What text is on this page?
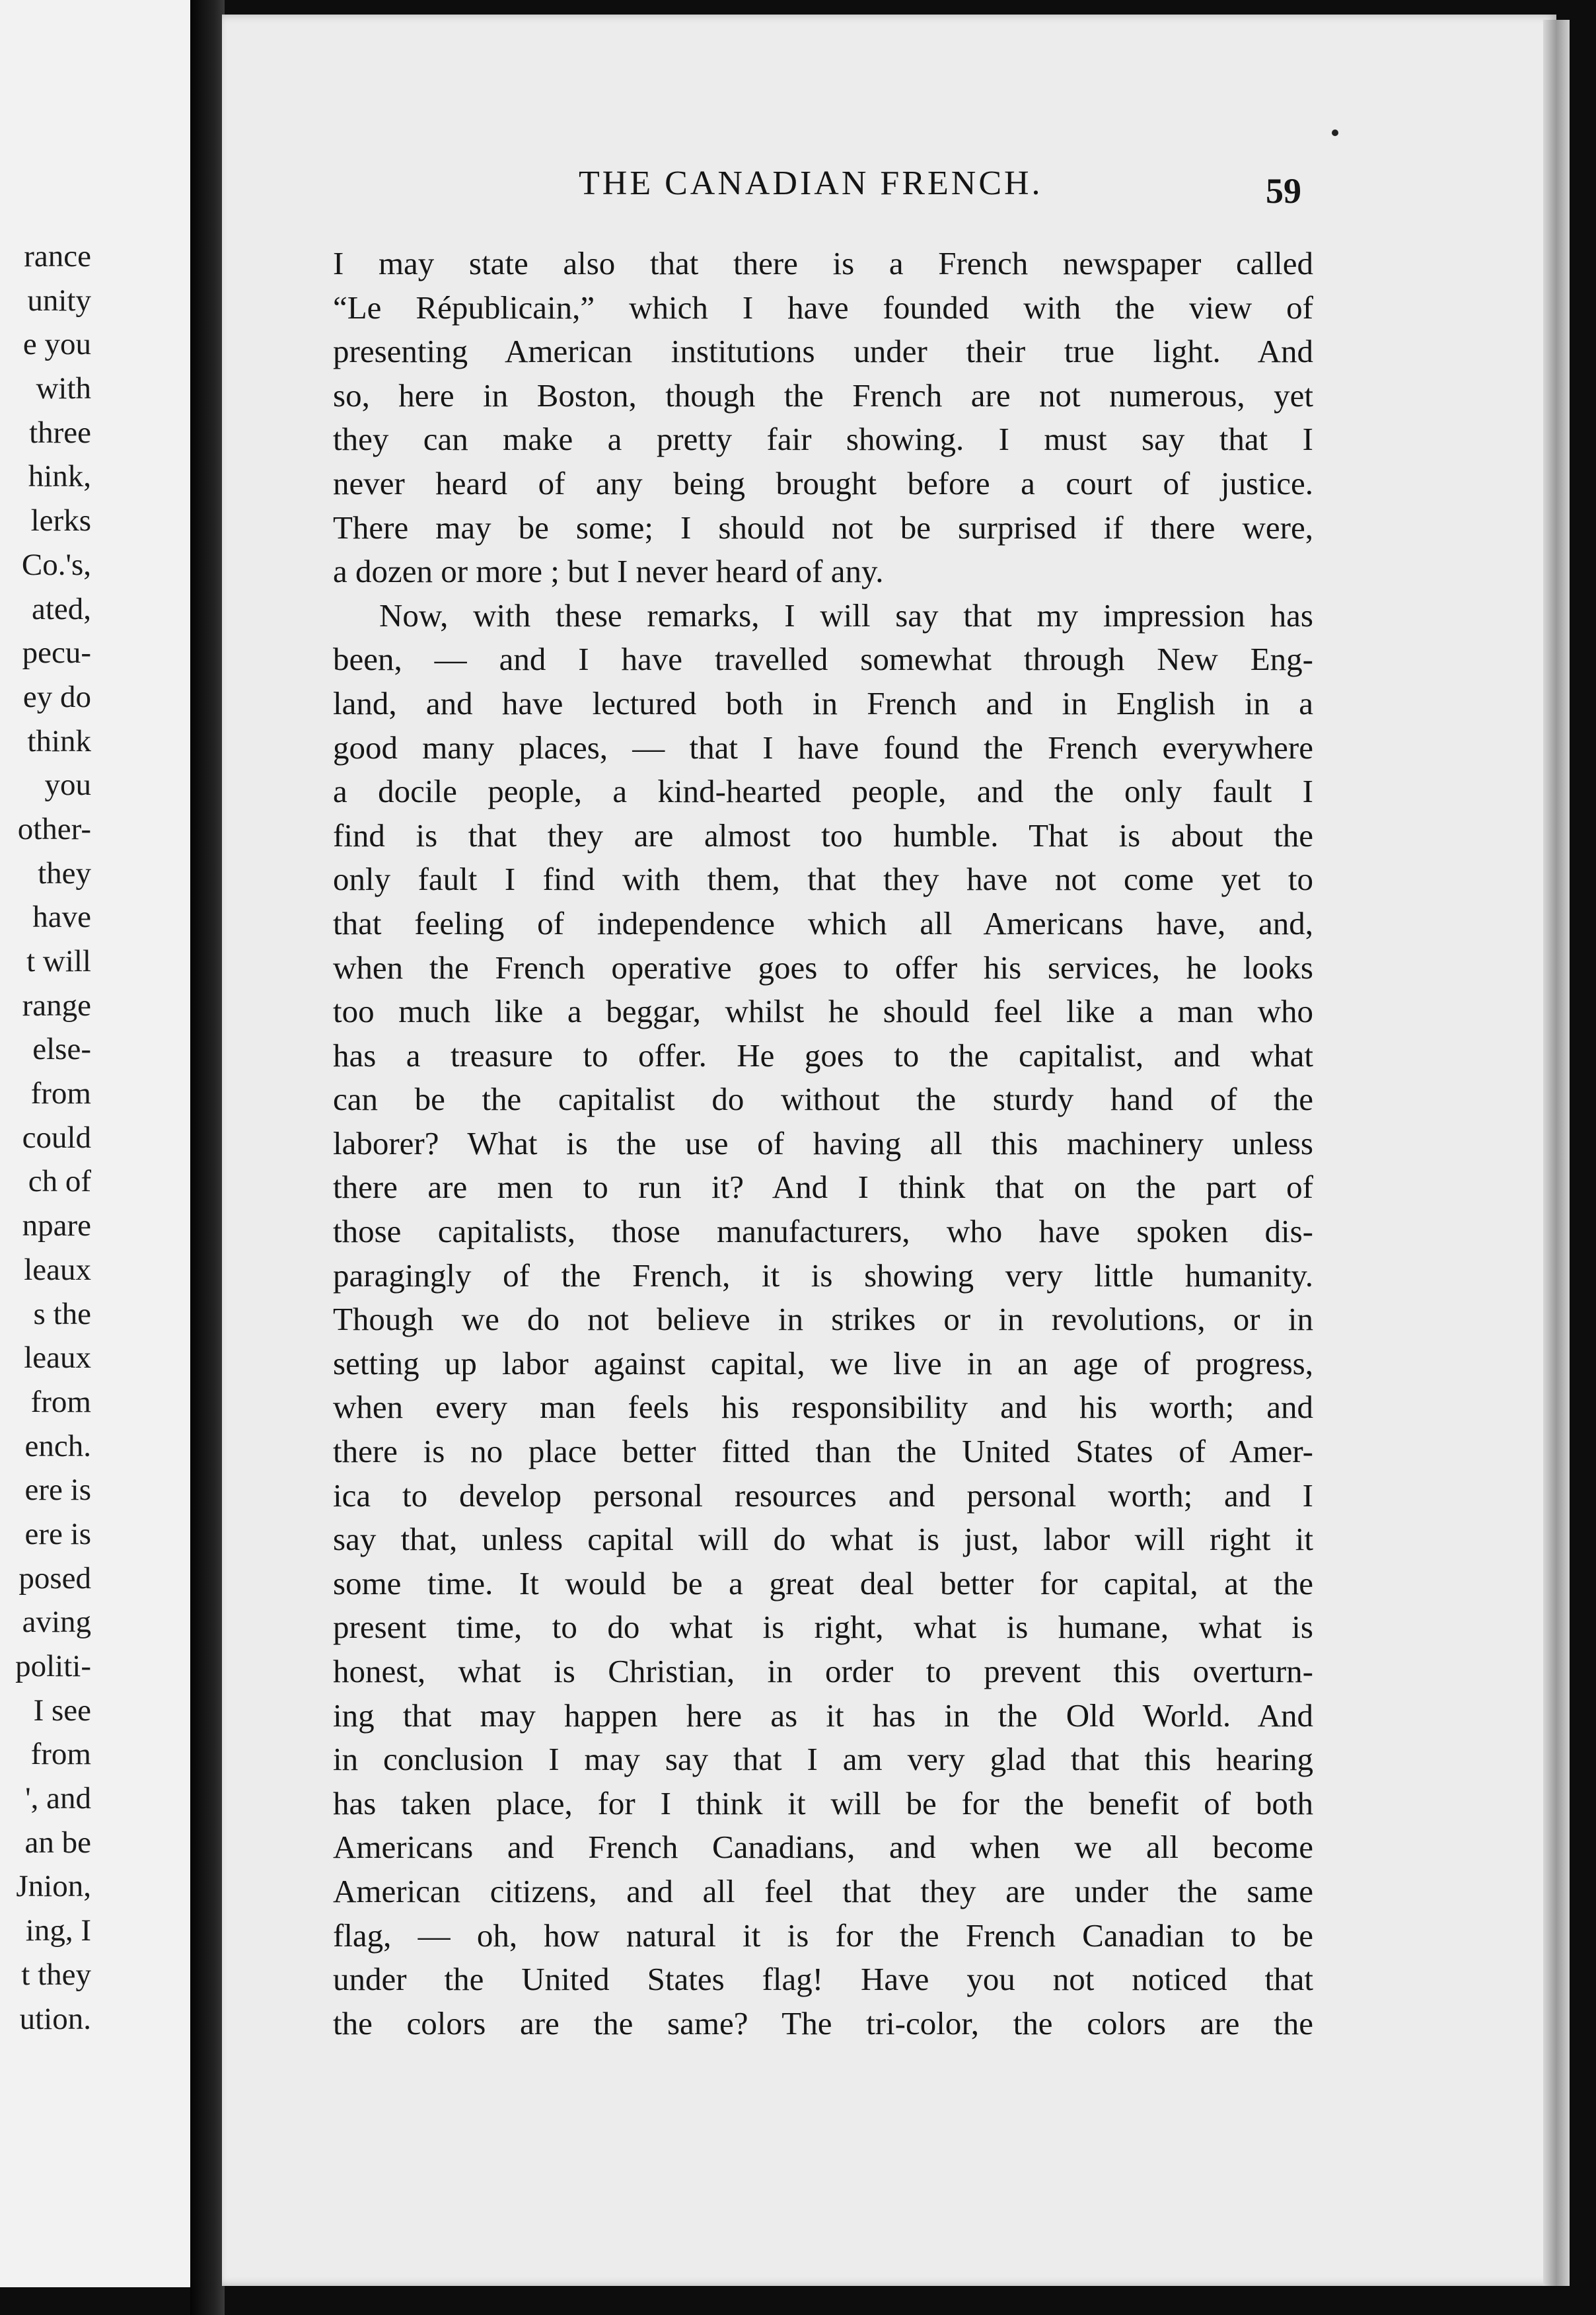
rance
unity
e you
with
three
hink,
lerks
Co.'s,
ated,
pecu-
ey do
think
you
other-
they
have
t will
range
else-
from
could
ch of
npare
leaux
s the
leaux
from
ench.
ere is
ere is
posed
aving
politi-
I see
from
', and
an be
Jnion,
ing, I
t they
ution.
THE CANADIAN FRENCH.	59
I may state also that there is a French newspaper called
“Le Républicain,” which I have founded with the view of
presenting American institutions under their true light. And
so, here in Boston, though the French are not numerous, yet
they can make a pretty fair showing. I must say that I
never heard of any being brought before a court of justice.
There may be some; I should not be surprised if there were,
a dozen or more ; but I never heard of any.
Now, with these remarks, I will say that my impression has
been, — and I have travelled somewhat through New Eng-
land, and have lectured both in French and in English in a
good many places, — that I have found the French everywhere
a docile people, a kind-hearted people, and the only fault I
find is that they are almost too humble. That is about the
only fault I find with them, that they have not come yet to
that feeling of independence which all Americans have, and,
when the French operative goes to offer his services, he looks
too much like a beggar, whilst he should feel like a man who
has a treasure to offer. He goes to the capitalist, and what
can be the capitalist do without the sturdy hand of the
laborer? What is the use of having all this machinery unless
there are men to run it? And I think that on the part of
those capitalists, those manufacturers, who have spoken dis-
paragingly of the French, it is showing very little humanity.
Though we do not believe in strikes or in revolutions, or in
setting up labor against capital, we live in an age of progress,
when every man feels his responsibility and his worth; and
there is no place better fitted than the United States of Amer-
ica to develop personal resources and personal worth; and I
say that, unless capital will do what is just, labor will right it
some time. It would be a great deal better for capital, at the
present time, to do what is right, what is humane, what is
honest, what is Christian, in order to prevent this overturn-
ing that may happen here as it has in the Old World. And
in conclusion I may say that I am very glad that this hearing
has taken place, for I think it will be for the benefit of both
Americans and French Canadians, and when we all become
American citizens, and all feel that they are under the same
flag, — oh, how natural it is for the French Canadian to be
under the United States flag! Have you not noticed that
the colors are the same? The tri-color, the colors are the
